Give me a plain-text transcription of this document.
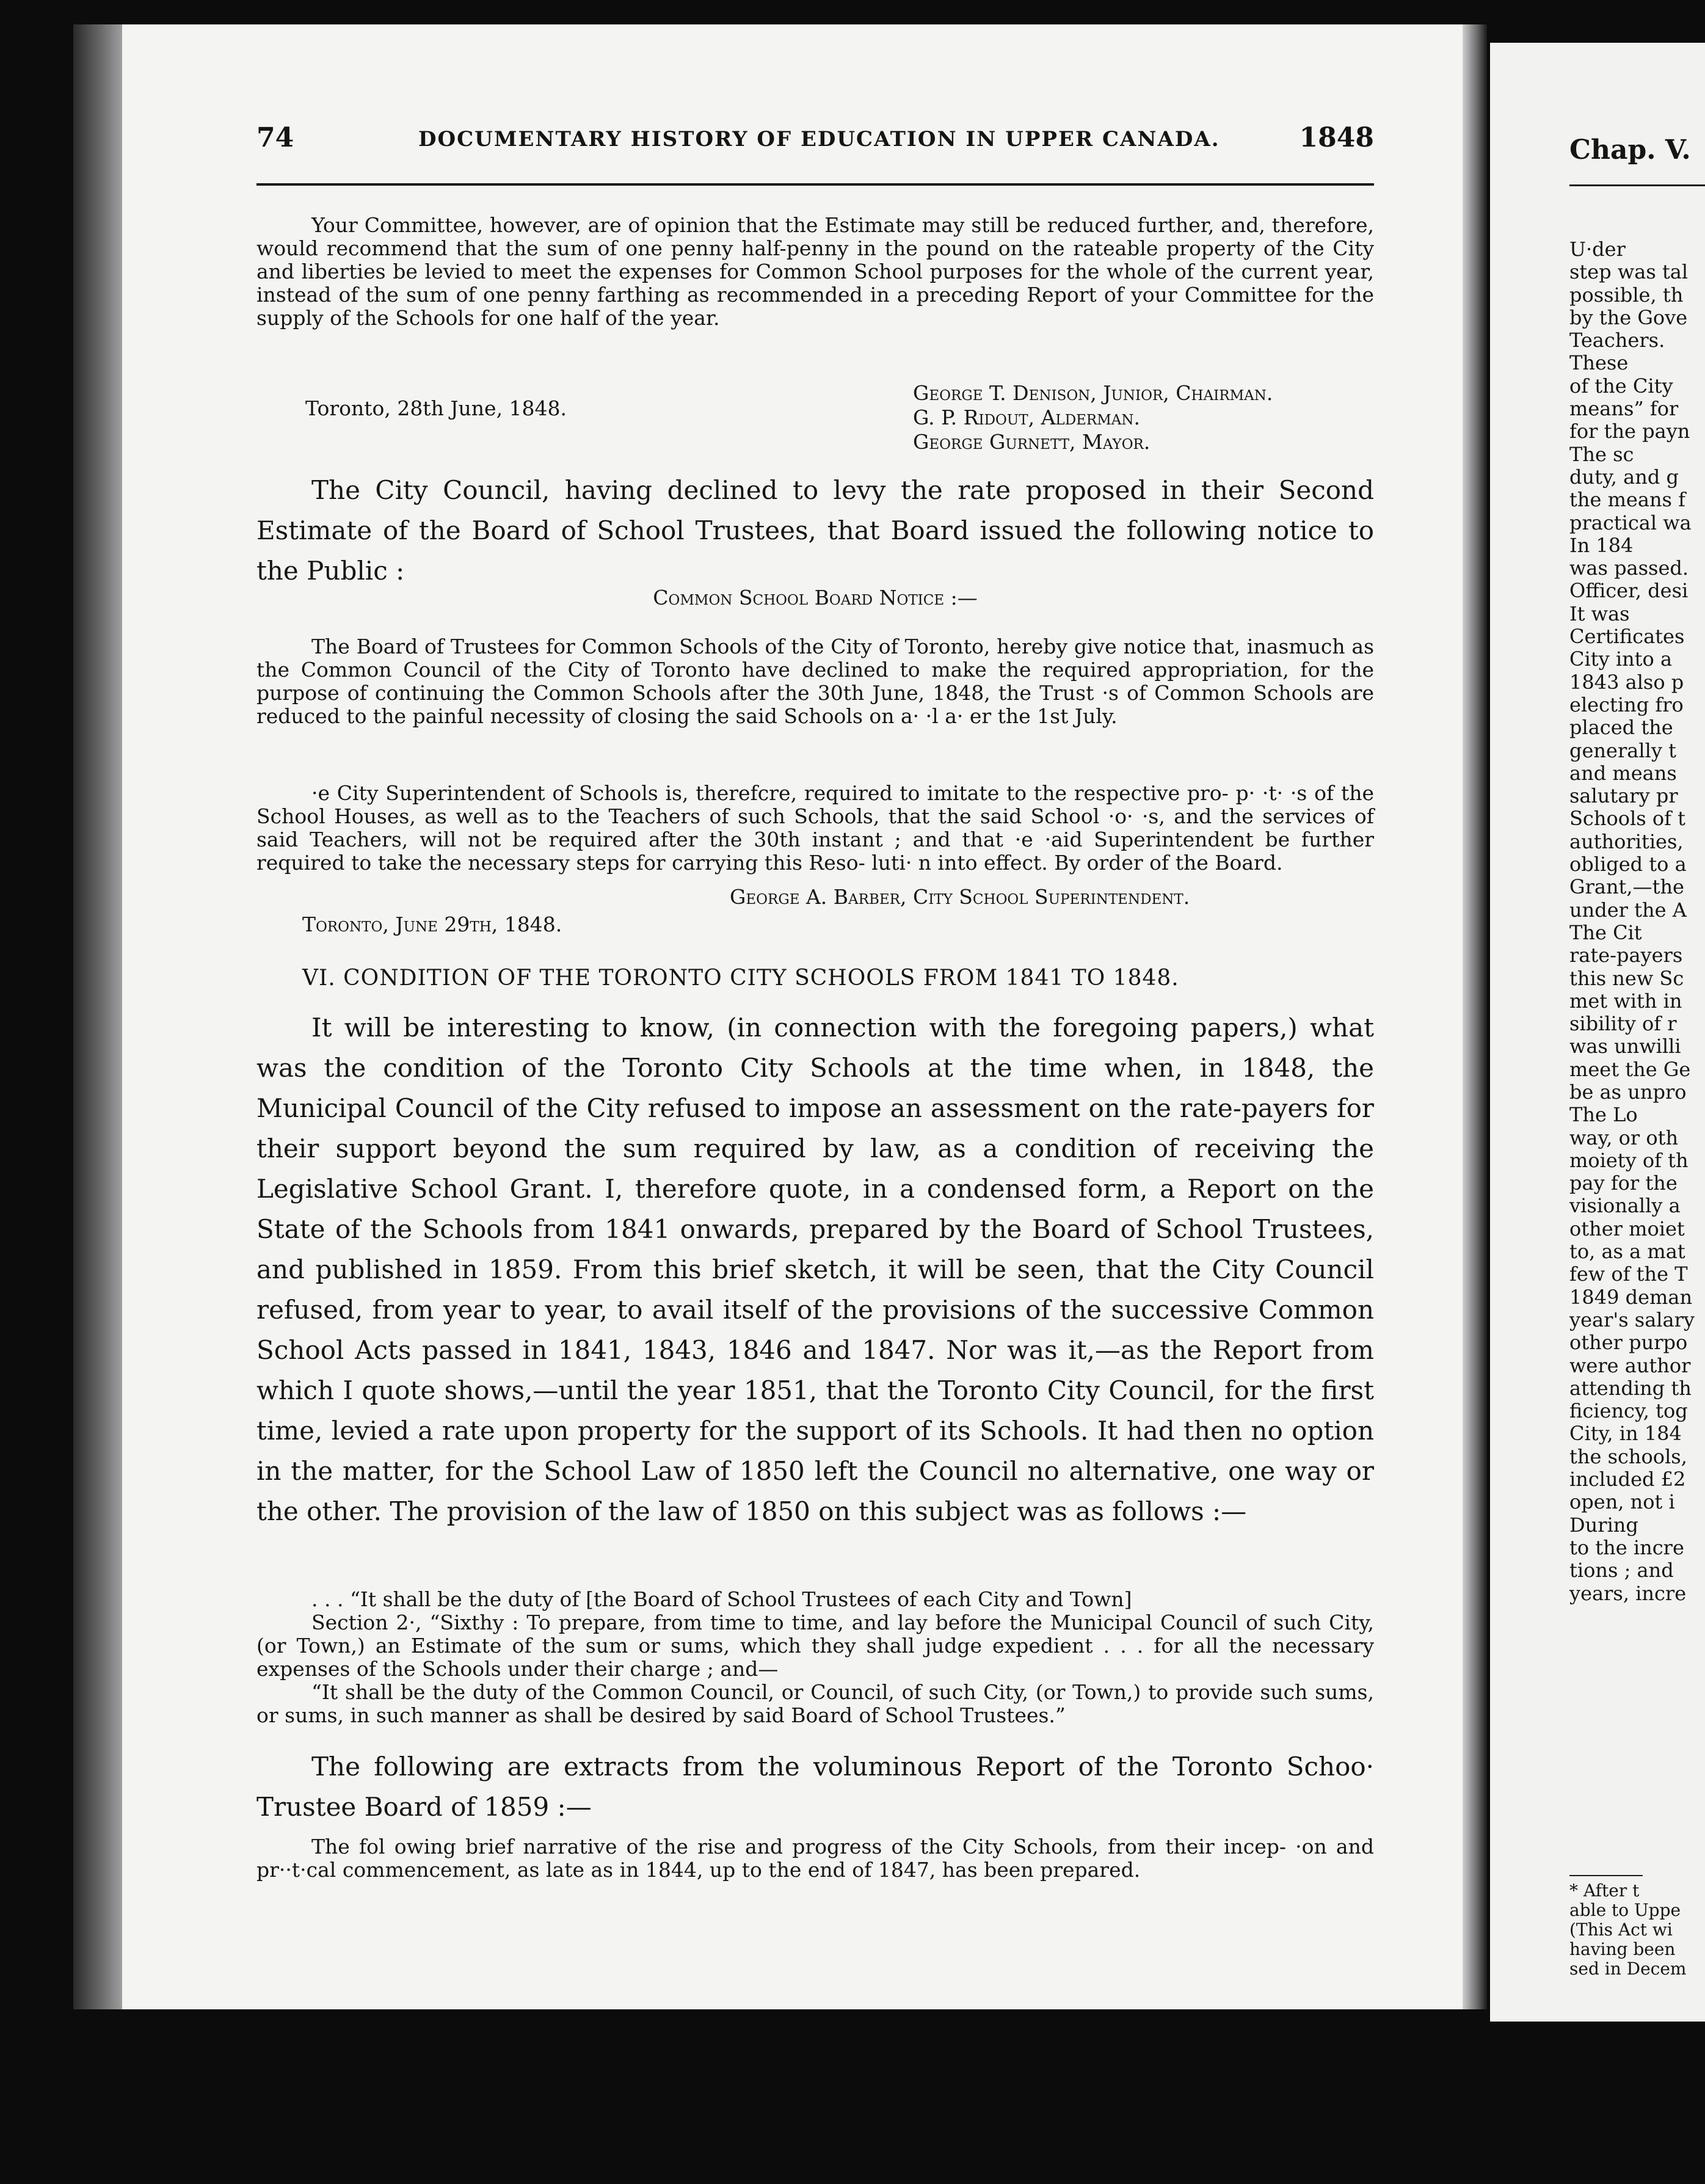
74	DOCUMENTARY HISTORY OF EDUCATION IN UPPER CANADA.	1848

Your Committee, however, are of opinion that the Estimate may still be reduced further, and, therefore, would recommend that the sum of one penny half-penny in the pound on the rateable property of the City and liberties be levied to meet the expenses for Common School purposes for the whole of the current year, instead of the sum of one penny farthing as recommended in a preceding Report of your Committee for the supply of the Schools for one half of the year.

Toronto, 28th June, 1848.
George T. Denison, Junior, Chairman.
G. P. Ridout, Alderman.
George Gurnett, Mayor.

The City Council, having declined to levy the rate proposed in their Second Estimate of the Board of School Trustees, that Board issued the following notice to the Public :

Common School Board Notice :—

The Board of Trustees for Common Schools of the City of Toronto, hereby give notice that, inasmuch as the Common Council of the City of Toronto have declined to make the required appropriation, for the purpose of continuing the Common Schools after the 30th June, 1848, the Trust ·s of Common Schools are reduced to the painful necessity of closing the said Schools on a· ·l a· er the 1st July.

·e City Superintendent of Schools is, therefcre, required to imitate to the respective pro- p· ·t· ·s of the School Houses, as well as to the Teachers of such Schools, that the said School ·o· ·s, and the services of said Teachers, will not be required after the 30th instant ; and that ·e ·aid Superintendent be further required to take the necessary steps for carrying this Reso- luti· n into effect. By order of the Board.

George A. Barber, City School Superintendent.
Toronto, June 29th, 1848.
VI. CONDITION OF THE TORONTO CITY SCHOOLS FROM 1841 TO 1848.

It will be interesting to know, (in connection with the foregoing papers,) what was the condition of the Toronto City Schools at the time when, in 1848, the Municipal Council of the City refused to impose an assessment on the rate-payers for their support beyond the sum required by law, as a condition of receiving the Legislative School Grant. I, therefore quote, in a condensed form, a Report on the State of the Schools from 1841 onwards, prepared by the Board of School Trustees, and published in 1859. From this brief sketch, it will be seen, that the City Council refused, from year to year, to avail itself of the provisions of the successive Common School Acts passed in 1841, 1843, 1846 and 1847. Nor was it,—as the Report from which I quote shows,—until the year 1851, that the Toronto City Council, for the first time, levied a rate upon property for the support of its Schools. It had then no option in the matter, for the School Law of 1850 left the Council no alternative, one way or the other. The provision of the law of 1850 on this subject was as follows :—

. . . “It shall be the duty of [the Board of School Trustees of each City and Town]

Section 2·, “Sixthy : To prepare, from time to time, and lay before the Municipal Council of such City, (or Town,) an Estimate of the sum or sums, which they shall judge expedient . . . for all the necessary expenses of the Schools under their charge ; and—

“It shall be the duty of the Common Council, or Council, of such City, (or Town,) to provide such sums, or sums, in such manner as shall be desired by said Board of School Trustees.”

The following are extracts from the voluminous Report of the Toronto Schoo· Trustee Board of 1859 :—

The fol owing brief narrative of the rise and progress of the City Schools, from their incep- ·on and pr··t·cal commencement, as late as in 1844, up to the end of 1847, has been prepared.

Chap. V.
U·der
step was tal
possible, th
by the Gove
Teachers.
These
of the City
means” for
for the payn
The sc
duty, and g
the means f
practical wa
In 184
was passed.
Officer, desi
It was
Certificates
City into a
1843 also p
electing fro
placed the
generally t
and means
salutary pr
Schools of t
authorities,
obliged to a
Grant,—the
under the A
The Cit
rate-payers
this new Sc
met with in
sibility of r
was unwilli
meet the Ge
be as unpro
The Lo
way, or oth
moiety of th
pay for the
visionally a
other moiet
to, as a mat
few of the T
1849 deman
year's salary
other purpo
were author
attending th
ficiency, tog
City, in 184
the schools,
included £2
open, not i
During
to the incre
tions ; and
years, incre
* After t
able to Uppe
(This Act wi
having been
sed in Decem
